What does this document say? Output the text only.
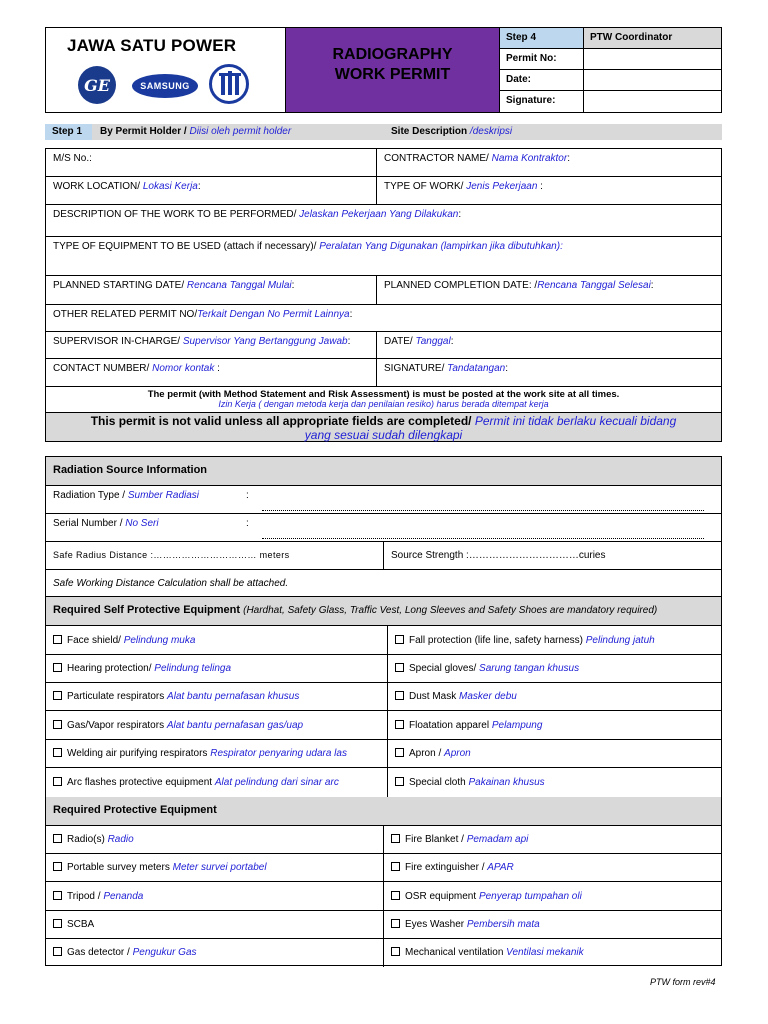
JAWA SATU POWER
GE	SAMSUNG
RADIOGRAPHY
WORK PERMIT
Step 4	PTW Coordinator
Permit No:
Date:
Signature:
Step 1	By Permit Holder / Diisi oleh permit holder	Site Description /deskripsi
M/S No.:	CONTRACTOR NAME/ Nama Kontraktor:
WORK LOCATION/ Lokasi Kerja:	TYPE OF WORK/ Jenis Pekerjaan :
DESCRIPTION OF THE WORK TO BE PERFORMED/ Jelaskan Pekerjaan Yang Dilakukan:
TYPE OF EQUIPMENT TO BE USED (attach if necessary)/ Peralatan Yang Digunakan (lampirkan jika dibutuhkan):
PLANNED STARTING DATE/ Rencana Tanggal Mulai:	PLANNED COMPLETION DATE: /Rencana Tanggal Selesai:
OTHER RELATED PERMIT NO/Terkait Dengan No Permit Lainnya:
SUPERVISOR IN-CHARGE/ Supervisor Yang Bertanggung Jawab:	DATE/ Tanggal:
CONTACT NUMBER/ Nomor kontak :	SIGNATURE/ Tandatangan:
The permit (with Method Statement and Risk Assessment) is must be posted at the work site at all times.
Izin Kerja ( dengan metoda kerja dan penilaian resiko) harus berada ditempat kerja
This permit is not valid unless all appropriate fields are completed/ Permit ini tidak berlaku kecuali bidang
yang sesuai sudah dilengkapi
Radiation Source Information
Radiation Type / Sumber Radiasi	:
Serial Number / No Seri	:
Safe Radius Distance :…………………………… meters	Source Strength :……………………………curies
Safe Working Distance Calculation shall be attached.
Required Self Protective Equipment (Hardhat, Safety Glass, Traffic Vest, Long Sleeves and Safety Shoes are mandatory required)
Face shield/ Pelindung muka	Fall protection (life line, safety harness) Pelindung jatuh
Hearing protection/ Pelindung telinga	Special gloves/ Sarung tangan khusus
Particulate respirators Alat bantu pernafasan khusus	Dust Mask Masker debu
Gas/Vapor respirators Alat bantu pernafasan gas/uap	Floatation apparel Pelampung
Welding air purifying respirators Respirator penyaring udara las	Apron / Apron
Arc flashes protective equipment Alat pelindung dari sinar arc	Special cloth Pakainan khusus
Required Protective Equipment
Radio(s) Radio	Fire Blanket / Pemadam api
Portable survey meters Meter survei portabel	Fire extinguisher / APAR
Tripod / Penanda	OSR equipment Penyerap tumpahan oli
SCBA	Eyes Washer Pembersih mata
Gas detector / Pengukur Gas	Mechanical ventilation Ventilasi mekanik
PTW form rev#4
